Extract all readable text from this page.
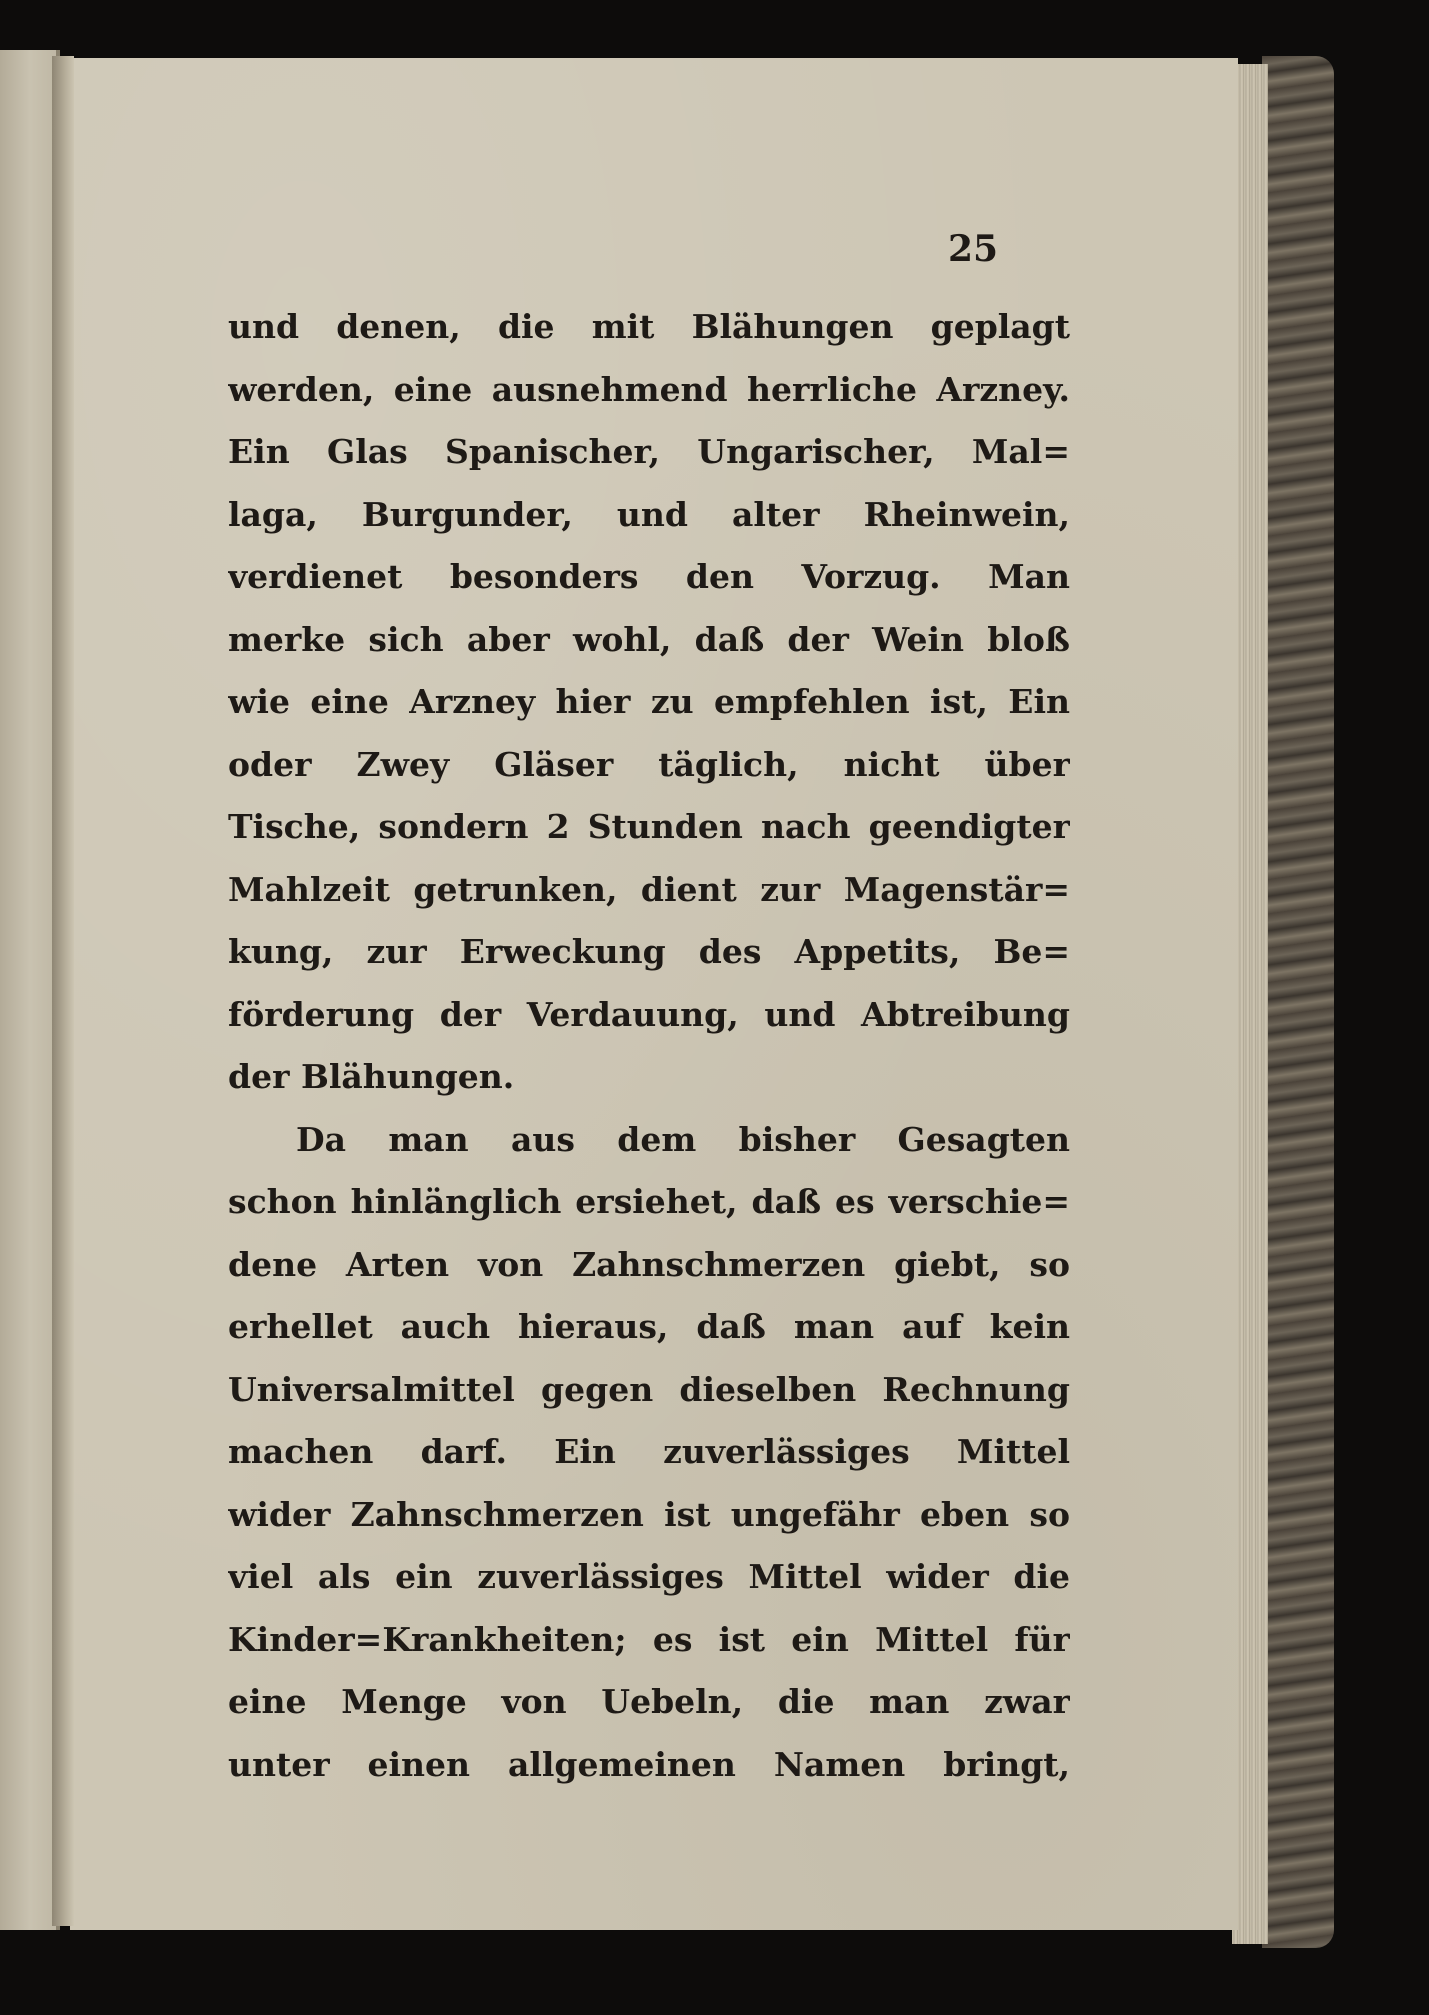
25
und denen, die mit Blähungen geplagt
werden, eine ausnehmend herrliche Arzney.
Ein Glas Spanischer, Ungarischer, Mal=
laga, Burgunder, und alter Rheinwein,
verdienet besonders den Vorzug. Man
merke sich aber wohl, daß der Wein bloß
wie eine Arzney hier zu empfehlen ist, Ein
oder Zwey Gläser täglich, nicht über
Tische, sondern 2 Stunden nach geendigter
Mahlzeit getrunken, dient zur Magenstär=
kung, zur Erweckung des Appetits, Be=
förderung der Verdauung, und Abtreibung
der Blähungen.
Da man aus dem bisher Gesagten
schon hinlänglich ersiehet, daß es verschie=
dene Arten von Zahnschmerzen giebt, so
erhellet auch hieraus, daß man auf kein
Universalmittel gegen dieselben Rechnung
machen darf. Ein zuverlässiges Mittel
wider Zahnschmerzen ist ungefähr eben so
viel als ein zuverlässiges Mittel wider die
Kinder=Krankheiten; es ist ein Mittel für
eine Menge von Uebeln, die man zwar
unter einen allgemeinen Namen bringt,
